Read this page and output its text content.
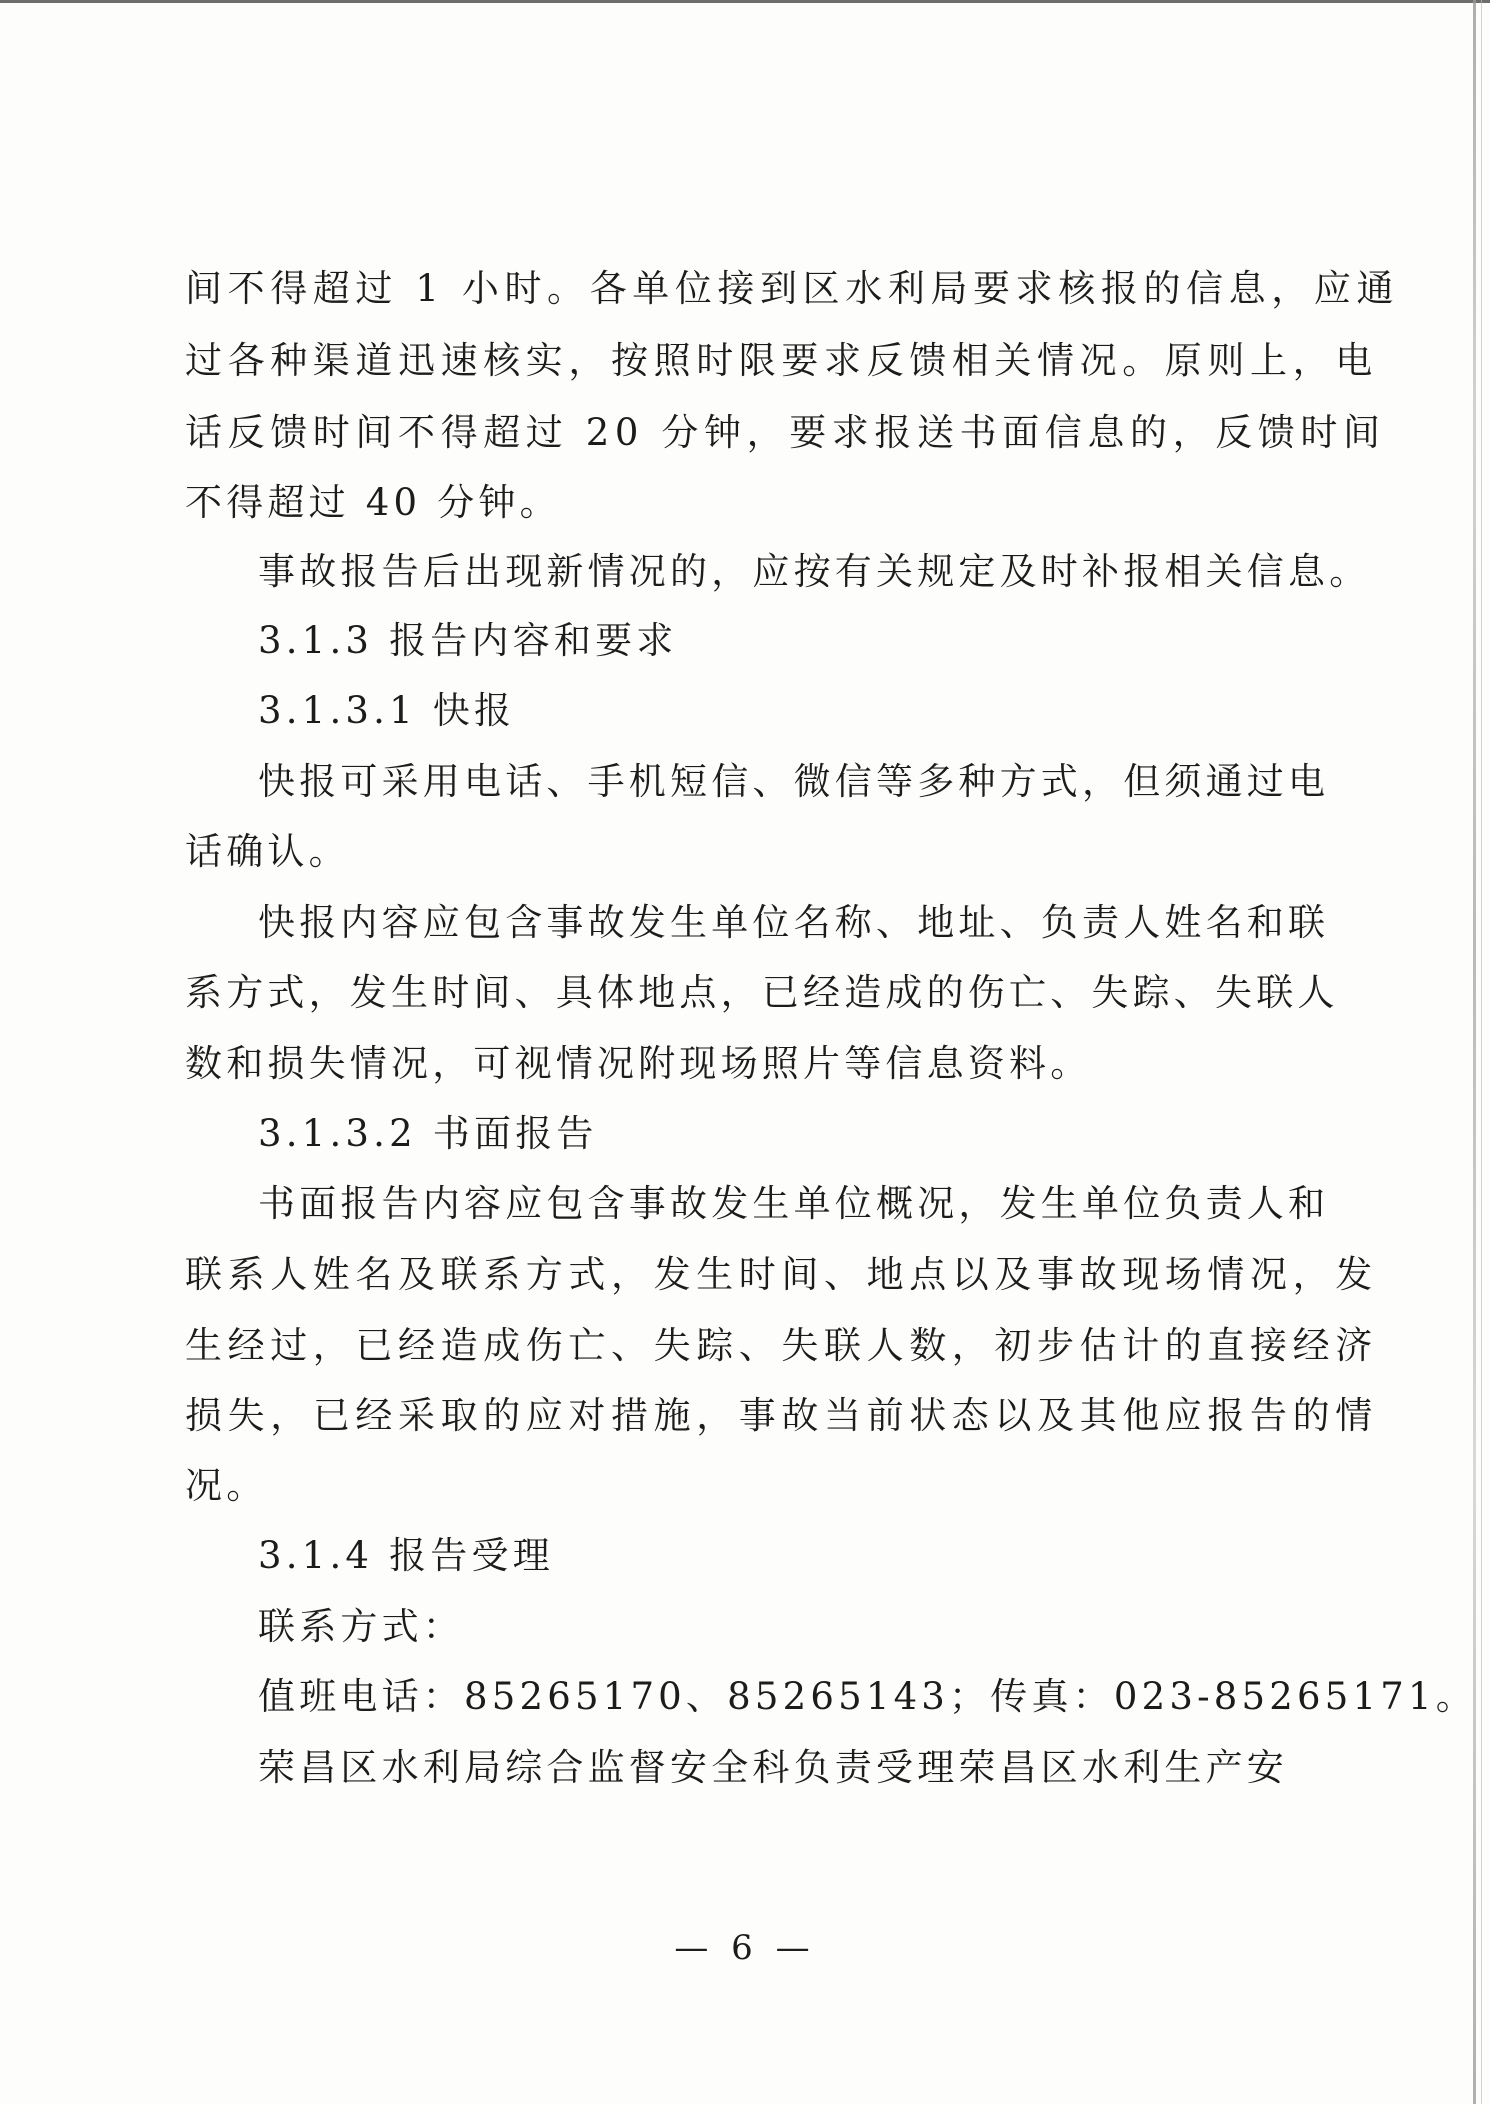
间不得超过 1 小时。各单位接到区水利局要求核报的信息，应通
过各种渠道迅速核实，按照时限要求反馈相关情况。原则上，电
话反馈时间不得超过 20 分钟，要求报送书面信息的，反馈时间
不得超过 40 分钟。
事故报告后出现新情况的，应按有关规定及时补报相关信息。
3.1.3 报告内容和要求
3.1.3.1 快报
快报可采用电话、手机短信、微信等多种方式，但须通过电
话确认。
快报内容应包含事故发生单位名称、地址、负责人姓名和联
系方式，发生时间、具体地点，已经造成的伤亡、失踪、失联人
数和损失情况，可视情况附现场照片等信息资料。
3.1.3.2 书面报告
书面报告内容应包含事故发生单位概况，发生单位负责人和
联系人姓名及联系方式，发生时间、地点以及事故现场情况，发
生经过，已经造成伤亡、失踪、失联人数，初步估计的直接经济
损失，已经采取的应对措施，事故当前状态以及其他应报告的情
况。
3.1.4 报告受理
联系方式：
值班电话：85265170、85265143；传真：023-85265171。
荣昌区水利局综合监督安全科负责受理荣昌区水利生产安
— 6 —
